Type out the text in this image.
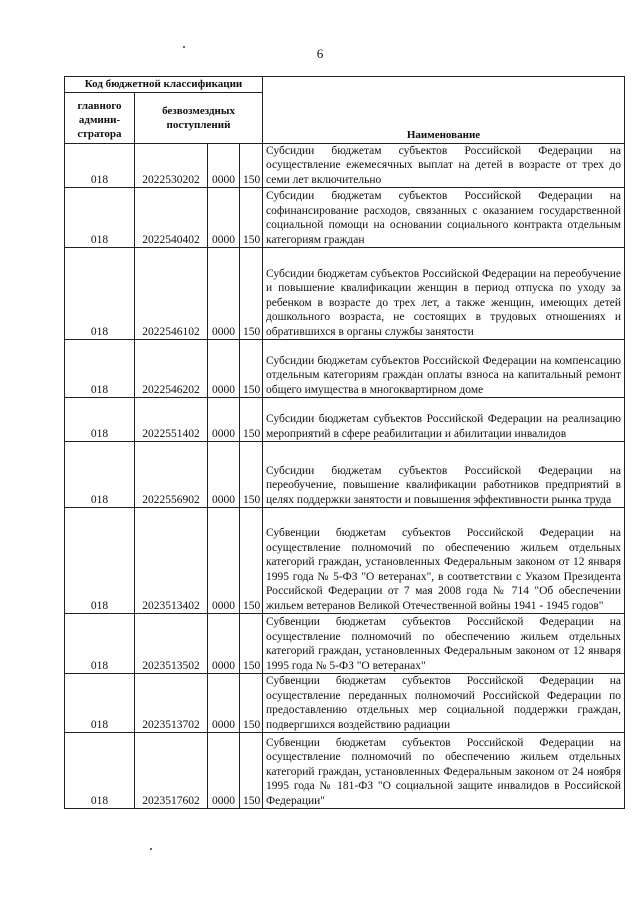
6
Код бюджетной классификации				Наименование
главного админи-стратора	безвозмездных поступлений			
018	2022530202	0000	150	Субсидии бюджетам субъектов Российской Федерации на осуществление ежемесячных выплат на детей в возрасте от трех до семи лет включительно
018	2022540402	0000	150	Субсидии бюджетам субъектов Российской Федерации на софинансирование расходов, связанных с оказанием государственной социальной помощи на основании социального контракта отдельным категориям граждан
018	2022546102	0000	150	Субсидии бюджетам субъектов Российской Федерации на переобучение и повышение квалификации женщин в период отпуска по уходу за ребенком в возрасте до трех лет, а также женщин, имеющих детей дошкольного возраста, не состоящих в трудовых отношениях и обратившихся в органы службы занятости
018	2022546202	0000	150	Субсидии бюджетам субъектов Российской Федерации на компенсацию отдельным категориям граждан оплаты взноса на капитальный ремонт общего имущества в многоквартирном доме
018	2022551402	0000	150	Субсидии бюджетам субъектов Российской Федерации на реализацию мероприятий в сфере реабилитации и абилитации инвалидов
018	2022556902	0000	150	Субсидии бюджетам субъектов Российской Федерации на переобучение, повышение квалификации работников предприятий в целях поддержки занятости и повышения эффективности рынка труда
018	2023513402	0000	150	Субвенции бюджетам субъектов Российской Федерации на осуществление полномочий по обеспечению жильем отдельных категорий граждан, установленных Федеральным законом от 12 января 1995 года № 5-ФЗ "О ветеранах", в соответствии с Указом Президента Российской Федерации от 7 мая 2008 года № 714 "Об обеспечении жильем ветеранов Великой Отечественной войны 1941 - 1945 годов"
018	2023513502	0000	150	Субвенции бюджетам субъектов Российской Федерации на осуществление полномочий по обеспечению жильем отдельных категорий граждан, установленных Федеральным законом от 12 января 1995 года № 5-ФЗ "О ветеранах"
018	2023513702	0000	150	Субвенции бюджетам субъектов Российской Федерации на осуществление переданных полномочий Российской Федерации по предоставлению отдельных мер социальной поддержки граждан, подвергшихся воздействию радиации
018	2023517602	0000	150	Субвенции бюджетам субъектов Российской Федерации на осуществление полномочий по обеспечению жильем отдельных категорий граждан, установленных Федеральным законом от 24 ноября 1995 года № 181-ФЗ "О социальной защите инвалидов в Российской Федерации"
